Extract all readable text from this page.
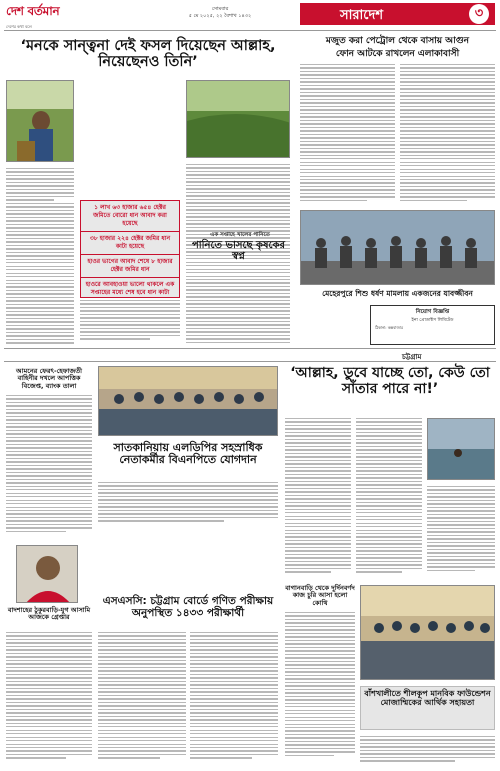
দেশ বর্তমান
দেশের কথা বলে
সোমবার
৫ মে ২০২৫, ২২ বৈশাখ ১৪৩২	সারাদেশ	৩
‘মনকে সান্ত্বনা দেই ফসল দিয়েছেন আল্লাহ, নিয়েছেনও তিনি’
১ লাখ ৬৩ হাজার ৬৫৪ হেক্টর জমিতে বোরো ধান আবাদ করা হয়েছে
৩৮ হাজার ২২৪ হেক্টর জমির ধান কাটা হয়েছে
হাওর ভাগের আবাদ শেষে ৮ হাজার হেক্টর জমির ধান
হাওরে আবহাওয়া ভালো থাকলে এক সপ্তাহের মধ্যে শেষ হবে ধান কাটা
মজুত করা পেট্রোল থেকে বাসায় আগুন
ফোন আটকে রাখলেন এলাকাবাসী
এক সপ্তাহে খালের পানিতে
পানিতে ভাসছে কৃষকের স্বপ্ন
মেহেরপুরে শিশু ধর্ষণ মামলায় একজনের যাবজ্জীবন
নিয়োগ বিজ্ঞপ্তি
ইনা প্রোডাক্টস লিমিটেড
ঠিকানা: কক্সবাজার
চট্টগ্রাম
আমনের ফেরৎ-হেফাজতী বাহিনীর দখলে আপত্তিক বিজেপ্ত, ব্যাংক তালা
বাদশাহের ঠুকুরবাড়ি-যুগ আসামি আজকে গ্রেপ্তার
সাতকানিয়ায় এলডিপির সহস্রাধিক নেতাকর্মীর বিএনপিতে যোগদান
‘আল্লাহ, ডুবে যাচ্ছে তো, কেউ তো সাঁতার পারে না!’
বাগানবাড়ি থেকে দুর্দিনবর্ণদ কাজ চুরি আসা হলো কোথি
বাঁশখালীতে শীলকূপ মানবিক ফাউন্ডেশন মোজাম্মিকের আর্থিক সহায়তা
এসএসসি: চট্টগ্রাম বোর্ডে গণিত পরীক্ষায় অনুপস্থিত ১৪৩৩ পরীক্ষার্থী
